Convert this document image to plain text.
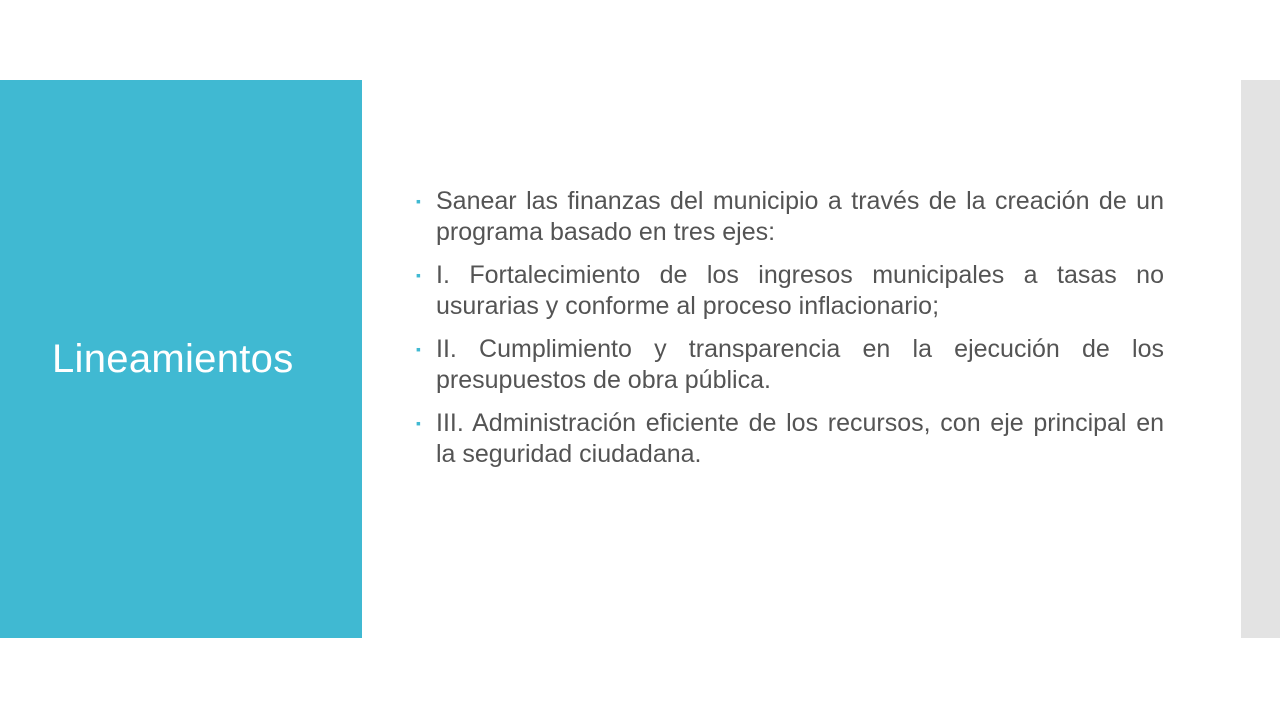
Lineamientos
▪ Sanear las finanzas del municipio a través de la creación de un programa basado en tres ejes:
▪ I. Fortalecimiento de los ingresos municipales a tasas no usurarias y conforme al proceso inflacionario;
▪ II. Cumplimiento y transparencia en la ejecución de los presupuestos de obra pública.
▪ III. Administración eficiente de los recursos, con eje principal en la seguridad ciudadana.
